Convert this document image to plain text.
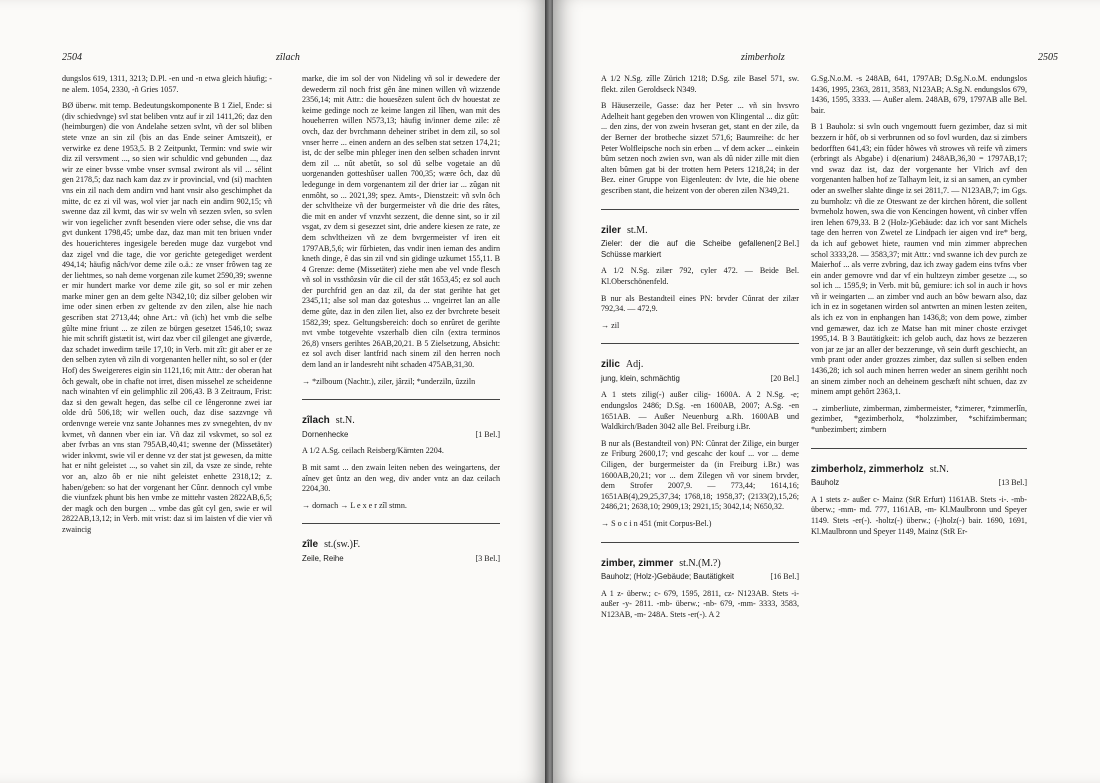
2504	zîlach

dungslos 619, 1311, 3213; D.Pl. -en und -n etwa gleich häufig; -ne alem. 1054, 2330, -ñ Gries 1057.

BØ überw. mit temp. Bedeutungskomponente B 1 Ziel, Ende: si (div schiedvnge) svl stat beliben vntz auf ir zil 1411,26; daz den (heimburgen) die von Andelahe setzen svlnt, vñ der sol bliben stete vnze an sin zil (bis an das Ende seiner Amtszeit), er verwirke ez dene 1953,5. B 2 Zeitpunkt, Termin: vnd swie wir diz zil versvment ..., so sien wir schuldic vnd gebunden ..., daz wir ze einer bvsse vmbe vnser svmsal zwiront als vil ... sélint gen 2178,5; daz nach kam daz zv ir provincial, vnd (si) machten vns ein zil nach dem andirn vnd hant vnsir also geschimphet da mitte, dc ez zi vil was, wol vier jar nach ein andirn 902,15; vñ swenne daz zil kvmt, das wir sv weln vñ sezzen svlen, so svlen wir von iegelicher zvnft besenden viere oder sehse, die vns dar gvt dunkent 1798,45; umbe daz, daz man mit ten briuen vnder des houerichteres ingesigele bereden muge daz vurgebot vnd daz zigel vnd die tage, die vor gerichte getegediget werdent 494,14; häufig nâch/vor deme zile o.ä.: ze vnser frôwen tag ze der liehtmes, so nah deme vorgenan zile kumet 2590,39; swenne er mir hundert marke vor deme zile git, so sol er mir zehen marke miner gen an dem gelte N342,10; diz silber geloben wir ime oder sinen erben zv geltende zv den zilen, alse hie nach gescriben stat 2713,44; ohne Art.: vñ (ich) het vmb die selbe gûlte mine friunt ... ze zilen ze bürgen gesetzet 1546,10; swaz hie mit schrift gistætit ist, wirt daz vber cil gilenget ane giværde, daz schadet inwedirm tæile 17,10; in Verb. mit zît: git aber er ze den selben zyten vñ ziln di vorgenanten heller niht, so sol er (der Hof) des Sweigereres eigin sin 1121,16; mit Attr.: der oberan hat ôch gewalt, obe in chafte not irret, disen missehel ze scheidenne nach winahten vf ein gelimphlic zil 206,43. B 3 Zeitraum, Frist: daz si den gewalt hegen, das selbe cil ce lêngeronne zwei iar olde drû 506,18; wir wellen ouch, daz dise sazzvnge vñ ordenvnge wereie vnz sante Johannes mes zv svnegehten, dv nv kvmet, vñ dannen vber ein iar. Vñ daz zil vskvmet, so sol ez aber fvrbas an vns stan 795AB,40,41; swenne der (Missetäter) wider inkvmt, swie vil er denne vz der stat jst gewesen, da mitte hat er niht geleistet ..., so vahet sin zil, da vsze ze sinde, rehte vor an, alzo ôb er nie niht geleistet enhette 2318,12; z. haben/geben: so hat der vorgenant her Cûnr. dennoch cyl vmbe die viunfzek phunt bis hen vmbe ze mittehr vasten 2822AB,6,5; der magk och den burgen ... vmbe das gût cyl gen, swie er wil 2822AB,13,12; in Verb. mit vrist: daz si im laisten vf die vier vñ zwaincig

marke, die im sol der von Nideling vñ sol ir dewedere der dewederm zil noch frist gên âne minen willen vñ wizzende 2356,14; mit Attr.: die houesêzen sulent ôch dv houestat ze keime gedinge noch ze keime langen zil lîhen, wan mit des houeherren willen N573,13; häufig in/inner deme zile: zê ovch, daz der bvrchmann deheiner stribet in dem zil, so sol vnser herre ... einen andern an des selben stat setzen 174,21; ist, dc der selbe min phleger inen den selben schaden inrvnt dem zil ... nût abetût, so sol dû selbe vogetaie an dû uorgenanden gotteshûser uallen 700,35; wære ôch, daz dû ledegunge in dem vorgenantem zil der drier iar ... zûgan nit enmôht, so ... 2021,39; spez. Amts-, Dienstzeit: vñ svln ôch der schvltheize vñ der burgermeister vñ die drie des râtes, die mit en ander vf vnzvht sezzent, die denne sint, so ir zil vsgat, zv dem si gesezzet sint, drie andere kiesen ze rate, ze dem schvltheizen vñ ze dem bvrgermeister vf iren eit 1797AB,5,6; wir fûrbieten, das vndir inen ieman des andirn kneth dinge, ê das sin zil vnd sin gidinge uzkumet 155,11. B 4 Grenze: deme (Missetäter) ziehe men abe vel vnde flesch vñ sol in vssthôzsin vûr die cil der stât 1653,45; ez sol auch der purchfrid gen an daz zil, da der stat gerihte hat get 2345,11; alse sol man daz goteshus ... vngeirret lan an alle deme gûte, daz in den zilen liet, also ez der bvrchrete beseit 1582,39; spez. Geltungsbereich: doch so enrûret de gerihte nvt vmbe totgevehte vszerhalb dien ciln (extra terminos 26,8) vnsers gerihtes 26AB,20,21. B 5 Zielsetzung, Absicht: ez sol avch diser lantfrid nach sinem zil den herren noch dem land an ir landesreht niht schaden 475AB,31,30.

→ *zilboum (Nachtr.), ziler, jârzil; *underziln, ûzziln

zîlach st.N.
Dornenhecke	[1 Bel.]

A 1/2 A.Sg. ceilach Reisberg/Kärnten 2204.

B mit samt ... den zwain leiten neben des weingartens, der aînev get ûntz an den weg, div ander vntz an daz ceilach 2204,30.

→ dornach → L e x e r zîl stmn.

zîle st.(sw.)F.
Zeile, Reihe	[3 Bel.]
zimberholz	2505

A 1/2 N.Sg. zîlle Zürich 1218; D.Sg. zile Basel 571, sw. flekt. zilen Geroldseck N349.

B Häuserzeile, Gasse: daz her Peter ... vñ sin hvsvro Adelheit hant gegeben den vrowen von Klingental ... diz gût: ... den zins, der von zwein hvseran get, stant en der zile, da der Berner der brotbeche sizzet 571,6; Baumreihe: dc her Peter Wolfleipsche noch sin erben ... vf dem acker ... einkein bûm setzen noch zwien svn, wan als dû nider zille mit dien alten bûmen gat bi der trotten hern Peters 1218,24; in der Bez. einer Gruppe von Eigenleuten: dv lvte, die hie obene gescriben stant, die heizent von der oberen zilen N349,21.

ziler st.M.
Zieler: der die auf die Scheibe gefallenen Schüsse markiert
[2 Bel.]

A 1/2 N.Sg. zilær 792, cyler 472. — Beide Bel. Kl.Oberschönenfeld.

B nur als Bestandteil eines PN: brvder Cûnrat der zilær 792,34. — 472,9.

→ zil

zilic Adj.
jung, klein, schmächtig	[20 Bel.]

A 1 stets zilig(-) außer cilig- 1600A. A 2 N.Sg. -e; endungslos 2486; D.Sg. -en 1600AB, 2007; A.Sg. -en 1651AB. — Außer Neuenburg a.Rh. 1600AB und Waldkirch/Baden 3042 alle Bel. Freiburg i.Br.

B nur als (Bestandteil von) PN: Cûnrat der Zilige, ein burger ze Friburg 2600,17; vnd gescahc der kouf ... vor ... deme Ciligen, der burgermeister da (in Freiburg i.Br.) was 1600AB,20,21; vor ... dem Zilegen vñ vor sinem brvder, dem Strofer 2007,9. — 773,44; 1614,16; 1651AB(4),29,25,37,34; 1768,18; 1958,37; (2133(2),15,26; 2486,21; 2638,10; 2909,13; 2921,15; 3042,14; N650,32.

→ S o c i n 451 (mit Corpus-Bel.)

zimber, zimmer st.N.(M.?)
Bauholz; (Holz-)Gebäude; Bautätigkeit	[16 Bel.]

A 1 z- überw.; c- 679, 1595, 2811, cz- N123AB. Stets -i- außer -y- 2811. -mb- überw.; -nb- 679, -mm- 3333, 3583, N123AB, -m- 248A. Stets -er(-). A 2

G.Sg.N.o.M. -s 248AB, 641, 1797AB; D.Sg.N.o.M. endungslos 1436, 1995, 2363, 2811, 3583, N123AB; A.Sg.N. endungslos 679, 1436, 1595, 3333. — Außer alem. 248AB, 679, 1797AB alle Bel. bair.

B 1 Bauholz: si svln ouch vngemoutt fuern gezimber, daz si mit bezzern ir hôf, ob si verbrunnen od so fovl wurden, daz si zimbers bedorfften 641,43; ein fûder hôwes vñ strowes vñ reife vñ zimers (erbringt als Abgabe) i d(enarium) 248AB,36,30 = 1797AB,17; vnd swaz daz ist, daz der vorgenante her Vlrich avf den vorgenanten halben hof ze Talhaym leit, iz si an samen, an cymber oder an swelher slahte dinge iz sei 2811,7. — N123AB,7; im Ggs. zu burnholz: vñ die ze Oteswant ze der kirchen hôrent, die sollent bvrneholz howen, swa die von Kencingen howent, vñ cinber vffen iren lehen 679,33. B 2 (Holz-)Gebäude: daz ich vor sant Michels tage den herren von Zwetel ze Lindpach ier aigen vnd ire* berg, da ich auf gebowet hiete, raumen vnd min zimmer abprechen schol 3333,28. — 3583,37; mit Attr.: vnd swanne ich dev purch ze Maierhof ... als verre zvbring, daz ich zway gadem eins tvfns vber ein ander gemovre vnd dar vf ein hultzeyn zimber gesetze ..., so sol ich ... 1595,9; in Verb. mit bû, gemiure: ich sol in auch ir hovs vñ ir weingarten ... an zimber vnd auch an bôw bewarn also, daz ich in ez in sogetanen wirden sol antwrten an minen lesten zeiten, als ich ez von in enphangen han 1436,8; von dem powe, zimber vnd gemæwer, daz ich ze Matse han mit miner choste erzivget 1995,14. B 3 Bautätigkeit: ich gelob auch, daz hovs ze bezzeren von jar ze jar an aller der bezzerunge, vñ sein durft geschiecht, an vmb prant oder ander grozzes zimber, daz sullen si selben enden 1436,28; ich sol auch minen herren weder an sinem gerihht noch an sinem zimber noch an deheinem geschæft niht schuen, daz zv minem ampt gehôrt 2363,1.

→ zimberliute, zimberman, zimbermeister, *zimerer, *zimmerlîn, gezimber, *gezimberholz, *holzzimber, *schifzimberman; *unbezimbert; zimbern

zimberholz, zimmerholz st.N.
Bauholz	[13 Bel.]

A 1 stets z- außer c- Mainz (StR Erfurt) 1161AB. Stets -i-. -mb- überw.; -mm- md. 777, 1161AB, -m- Kl.Maulbronn und Speyer 1149. Stets -er(-). -holtz(-) überw.; (-)holz(-) bair. 1690, 1691, Kl.Maulbronn und Speyer 1149, Mainz (StR Er-
